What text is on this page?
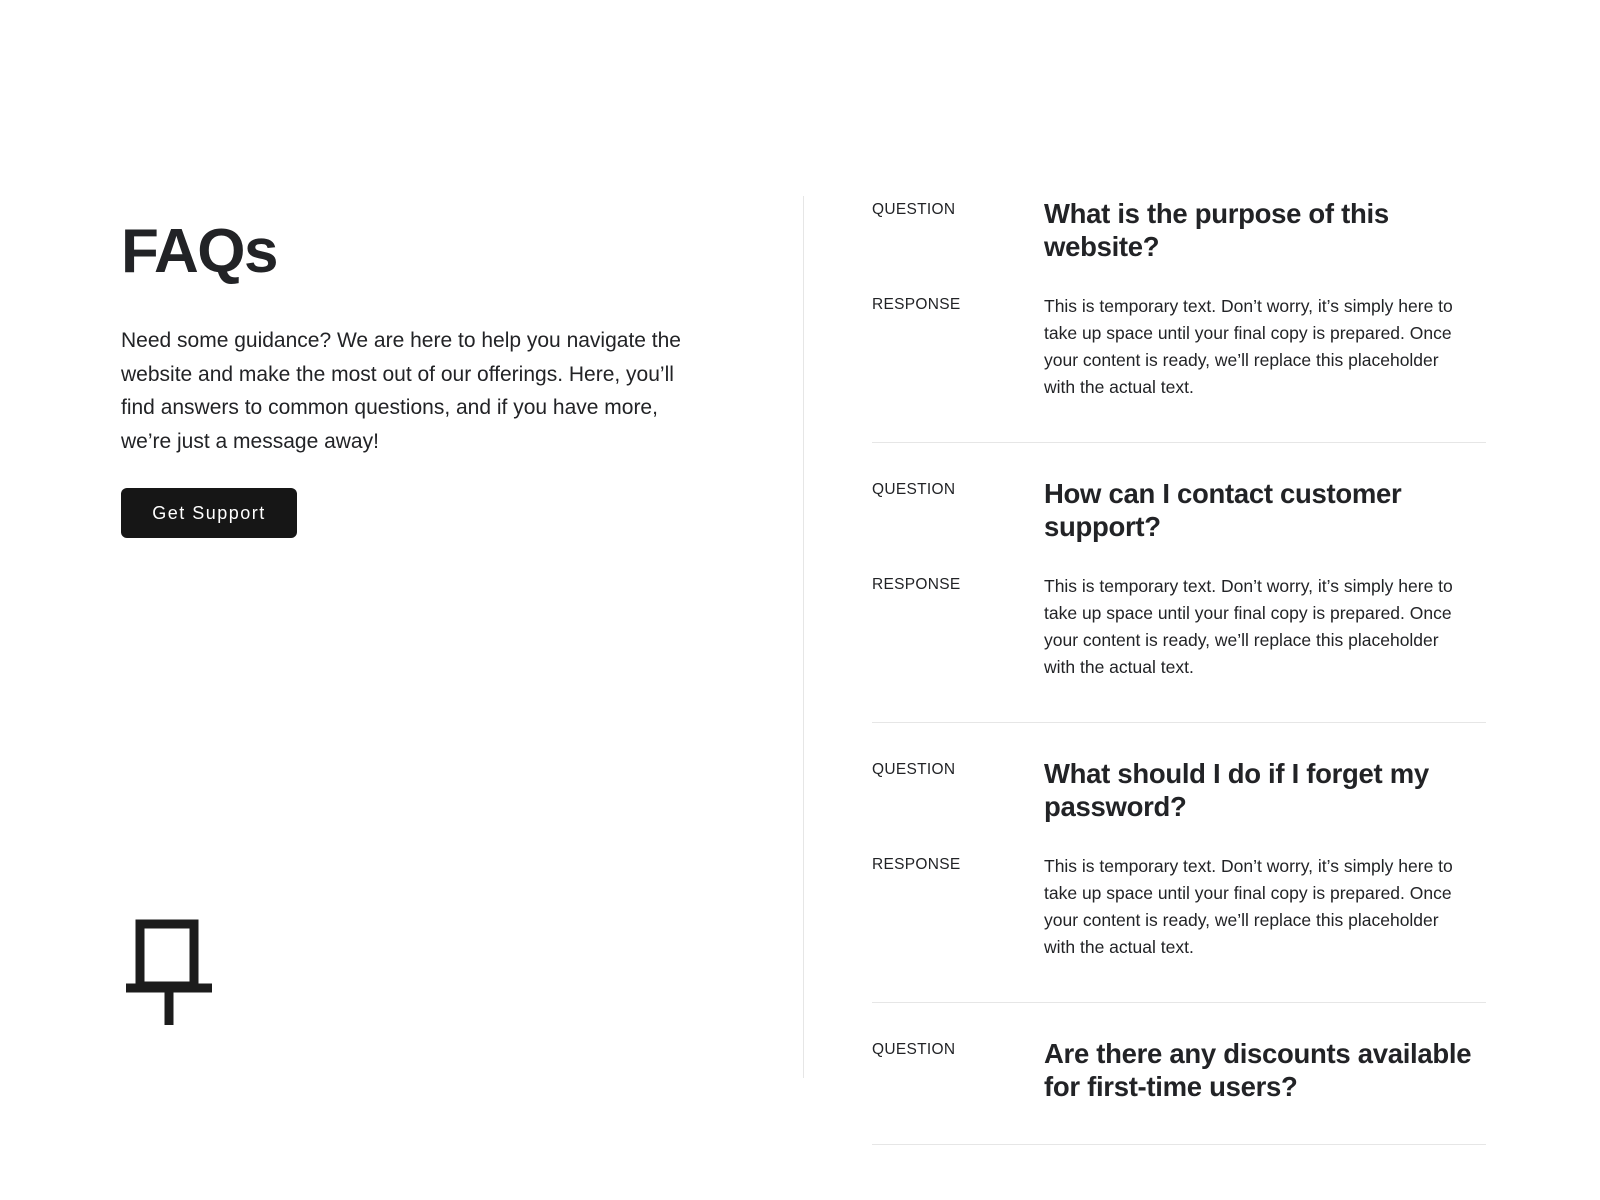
FAQs

Need some guidance? We are here to help you navigate the website and make the most out of our offerings. Here, you’ll find answers to common questions, and if you have more, we’re just a message away!

Get Support
QUESTION	What is the purpose of this website?
RESPONSE	This is temporary text. Don’t worry, it’s simply here to take up space until your final copy is prepared. Once your content is ready, we’ll replace this placeholder with the actual text.

QUESTION	How can I contact customer support?
RESPONSE	This is temporary text. Don’t worry, it’s simply here to take up space until your final copy is prepared. Once your content is ready, we’ll replace this placeholder with the actual text.

QUESTION	What should I do if I forget my password?
RESPONSE	This is temporary text. Don’t worry, it’s simply here to take up space until your final copy is prepared. Once your content is ready, we’ll replace this placeholder with the actual text.

QUESTION	Are there any discounts available for first-time users?
